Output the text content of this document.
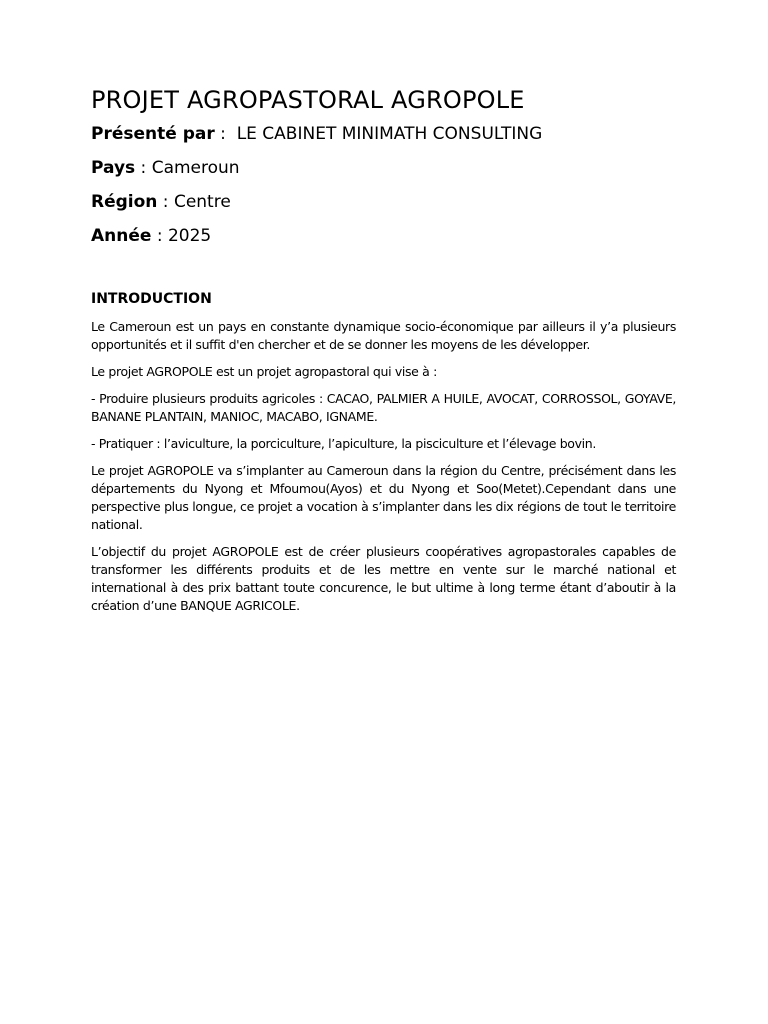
PROJET AGROPASTORAL AGROPOLE

Présenté par :  LE CABINET MINIMATH CONSULTING

Pays : Cameroun

Région : Centre

Année : 2025

INTRODUCTION

Le Cameroun est un pays en constante dynamique socio-économique par ailleurs il y’a plusieurs opportunités et il suffit d'en chercher et de se donner les moyens de les développer.

Le projet AGROPOLE est un projet agropastoral qui vise à :

- Produire plusieurs produits agricoles : CACAO, PALMIER A HUILE, AVOCAT, CORROSSOL, GOYAVE, BANANE PLANTAIN, MANIOC, MACABO, IGNAME.

- Pratiquer : l’aviculture, la porciculture, l’apiculture, la pisciculture et l’élevage bovin.

Le projet AGROPOLE va s’implanter au Cameroun dans la région du Centre, précisément dans les départements du Nyong et Mfoumou(Ayos) et du Nyong et Soo(Metet).Cependant dans une perspective plus longue, ce projet a vocation à s’implanter dans les dix régions de tout le territoire national.

L’objectif du projet AGROPOLE est de créer plusieurs coopératives agropastorales capables de transformer les différents produits et de les mettre en vente sur le marché national et international à des prix battant toute concurence, le but ultime à long terme étant d’aboutir à la création d’une BANQUE AGRICOLE.
